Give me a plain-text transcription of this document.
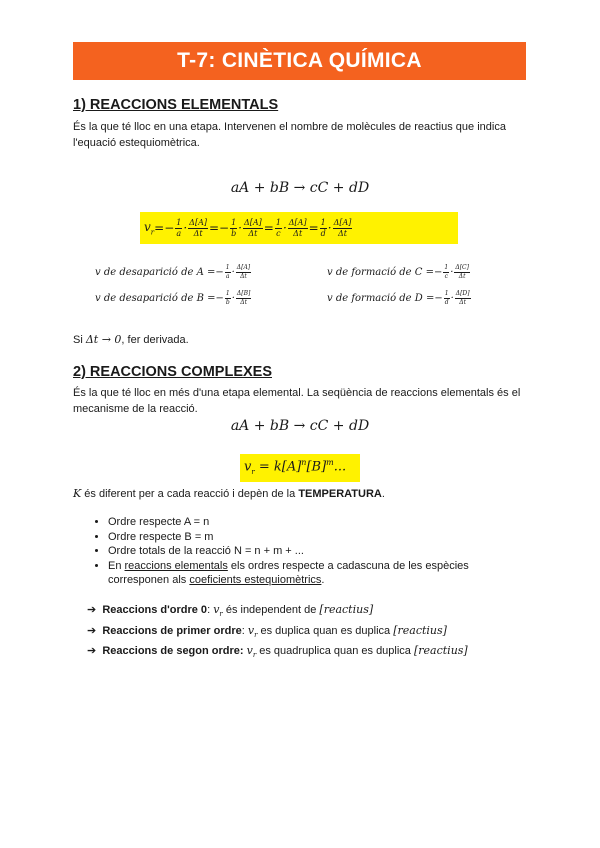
T-7: CINÈTICA QUÍMICA
1) REACCIONS ELEMENTALS
És la que té lloc en una etapa. Intervenen el nombre de molècules de reactius que indica l'equació estequiomètrica.
aA + bB → cC + dD
$v_r =- \frac{1}{a} \cdot \frac{\Delta[A]}{\Delta t} =- \frac{1}{b} \cdot \frac{\Delta[A]}{\Delta t} = \frac{1}{c} \cdot \frac{\Delta[A]}{\Delta t} = \frac{1}{d} \cdot \frac{\Delta[A]}{\Delta t}$
v de desaparició de $A =- \frac{1}{a} \cdot \frac{\Delta[A]}{\Delta t}$
v de desaparició de $B =- \frac{1}{b} \cdot \frac{\Delta[B]}{\Delta t}$
v de formació de $C =- \frac{1}{c} \cdot \frac{\Delta[C]}{\Delta t}$
v de formació de $D =- \frac{1}{d} \cdot \frac{\Delta[D]}{\Delta t}$
Si Δt → 0, fer derivada.
2) REACCIONS COMPLEXES
És la que té lloc en més d'una etapa elemental. La seqüència de reaccions elementals és el mecanisme de la reacció.
aA + bB → cC + dD
$v_r = k[A]^n[B]^m$...
K és diferent per a cada reacció i depèn de la TEMPERATURA.
• Ordre respecte A = n
• Ordre respecte B = m
• Ordre totals de la reacció N = n + m + ...
• En reaccions elementals els ordres respecte a cadascuna de les espècies corresponen als coeficients estequiomètrics.
➔ Reaccions d'ordre 0: $v_r$ és independent de [reactius]
➔ Reaccions de primer ordre: $v_r$ es duplica quan es duplica [reactius]
➔ Reaccions de segon ordre: $v_r$ es quadruplica quan es duplica [reactius]
